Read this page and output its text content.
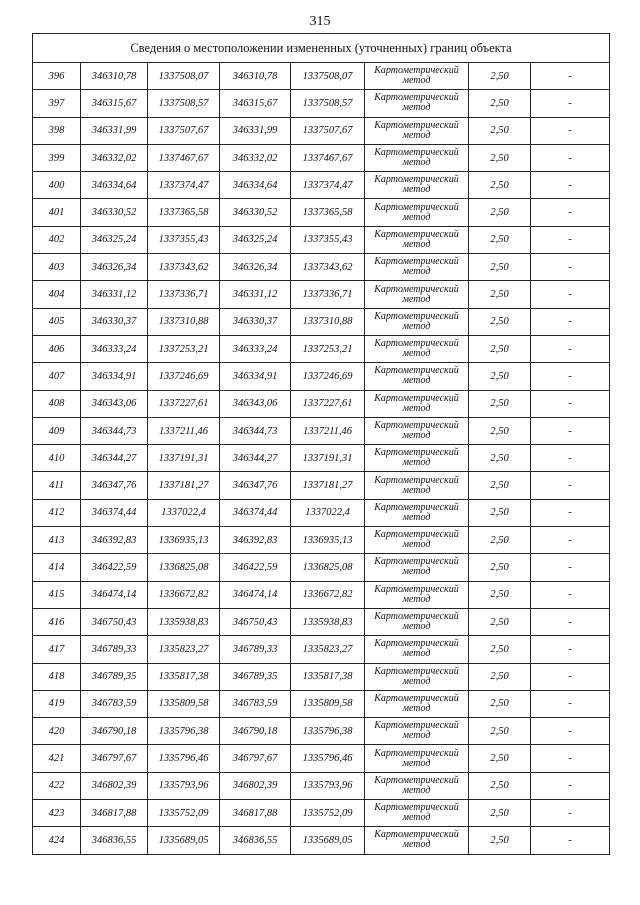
315
Сведения о местоположении измененных (уточненных) границ объекта							
396	346310,78	1337508,07	346310,78	1337508,07	Картометрический метод	2,50	-
397	346315,67	1337508,57	346315,67	1337508,57	Картометрический метод	2,50	-
398	346331,99	1337507,67	346331,99	1337507,67	Картометрический метод	2,50	-
399	346332,02	1337467,67	346332,02	1337467,67	Картометрический метод	2,50	-
400	346334,64	1337374,47	346334,64	1337374,47	Картометрический метод	2,50	-
401	346330,52	1337365,58	346330,52	1337365,58	Картометрический метод	2,50	-
402	346325,24	1337355,43	346325,24	1337355,43	Картометрический метод	2,50	-
403	346326,34	1337343,62	346326,34	1337343,62	Картометрический метод	2,50	-
404	346331,12	1337336,71	346331,12	1337336,71	Картометрический метод	2,50	-
405	346330,37	1337310,88	346330,37	1337310,88	Картометрический метод	2,50	-
406	346333,24	1337253,21	346333,24	1337253,21	Картометрический метод	2,50	-
407	346334,91	1337246,69	346334,91	1337246,69	Картометрический метод	2,50	-
408	346343,06	1337227,61	346343,06	1337227,61	Картометрический метод	2,50	-
409	346344,73	1337211,46	346344,73	1337211,46	Картометрический метод	2,50	-
410	346344,27	1337191,31	346344,27	1337191,31	Картометрический метод	2,50	-
411	346347,76	1337181,27	346347,76	1337181,27	Картометрический метод	2,50	-
412	346374,44	1337022,4	346374,44	1337022,4	Картометрический метод	2,50	-
413	346392,83	1336935,13	346392,83	1336935,13	Картометрический метод	2,50	-
414	346422,59	1336825,08	346422,59	1336825,08	Картометрический метод	2,50	-
415	346474,14	1336672,82	346474,14	1336672,82	Картометрический метод	2,50	-
416	346750,43	1335938,83	346750,43	1335938,83	Картометрический метод	2,50	-
417	346789,33	1335823,27	346789,33	1335823,27	Картометрический метод	2,50	-
418	346789,35	1335817,38	346789,35	1335817,38	Картометрический метод	2,50	-
419	346783,59	1335809,58	346783,59	1335809,58	Картометрический метод	2,50	-
420	346790,18	1335796,38	346790,18	1335796,38	Картометрический метод	2,50	-
421	346797,67	1335796,46	346797,67	1335796,46	Картометрический метод	2,50	-
422	346802,39	1335793,96	346802,39	1335793,96	Картометрический метод	2,50	-
423	346817,88	1335752,09	346817,88	1335752,09	Картометрический метод	2,50	-
424	346836,55	1335689,05	346836,55	1335689,05	Картометрический метод	2,50	-
